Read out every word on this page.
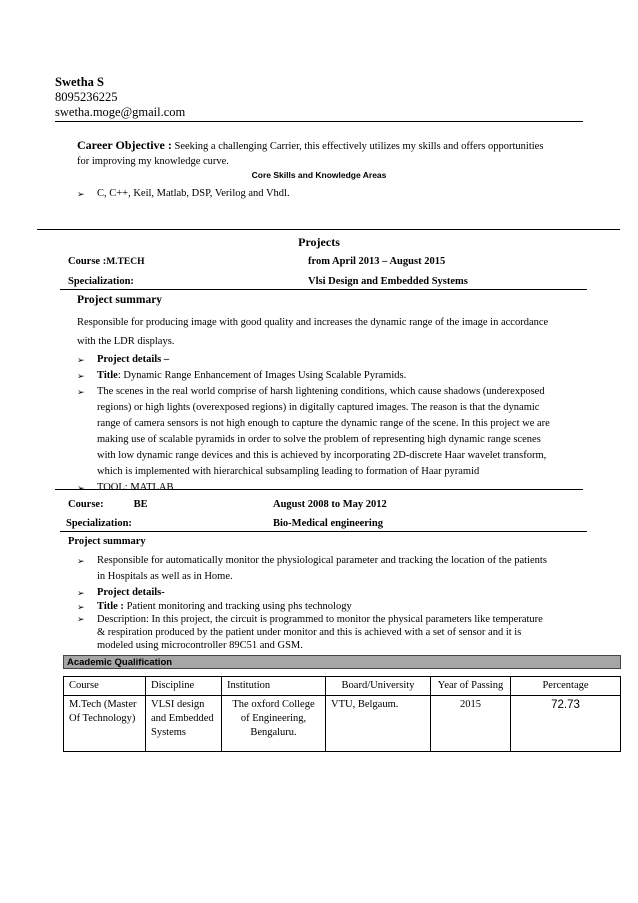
Swetha S
8095236225
swetha.moge@gmail.com
Career Objective : Seeking a challenging Carrier, this effectively utilizes my skills and offers opportunities
for improving my knowledge curve.
Core Skills and Knowledge Areas
➢ C, C++, Keil, Matlab, DSP, Verilog and Vhdl.
Projects
Course :M.TECH	from April 2013 – August 2015
Specialization:	Vlsi Design and Embedded Systems
Project summary
Responsible for producing image with good quality and increases the dynamic range of the image in accordance
with the LDR displays.
➢ Project details –
➢ Title: Dynamic Range Enhancement of Images Using Scalable Pyramids.
➢ The scenes in the real world comprise of harsh lightening conditions, which cause shadows (underexposed
regions) or high lights (overexposed regions) in digitally captured images. The reason is that the dynamic
range of camera sensors is not high enough to capture the dynamic range of the scene. In this project we are
making use of scalable pyramids in order to solve the problem of representing high dynamic range scenes
with low dynamic range devices and this is achieved by incorporating 2D-discrete Haar wavelet transform,
which is implemented with hierarchical subsampling leading to formation of Haar pyramid
➢ TOOL: MATLAB
Course:	BE	August 2008 to May 2012
Specialization:	Bio-Medical engineering
Project summary
➢ Responsible for automatically monitor the physiological parameter and tracking the location of the patients
in Hospitals as well as in Home.
➢ Project details-
➢ Title : Patient monitoring and tracking using phs technology
➢ Description: In this project, the circuit is programmed to monitor the physical parameters like temperature
& respiration produced by the patient under monitor and this is achieved with a set of sensor and it is
modeled using microcontroller 89C51 and GSM.
Academic Qualification
Course	Discipline	Institution	Board/University	Year of Passing	Percentage
M.Tech (Master Of Technology)	VLSI design and Embedded Systems	The oxford College of Engineering, Bengaluru.	VTU, Belgaum.	2015	72.73
